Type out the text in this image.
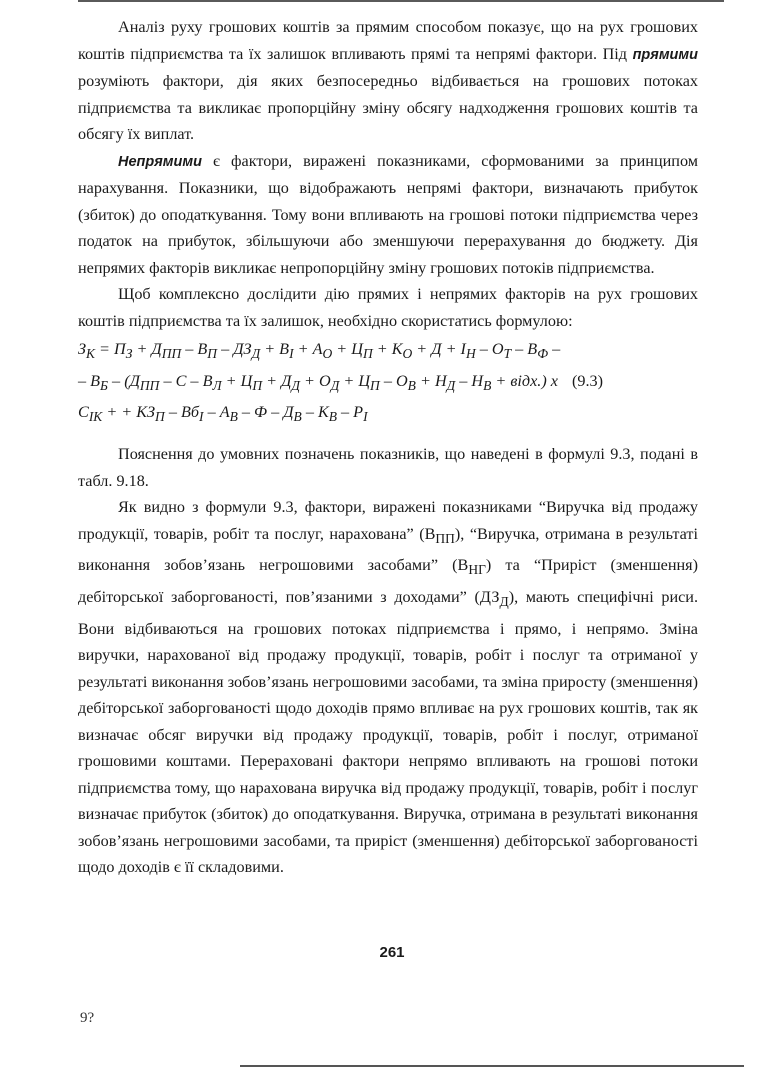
Аналіз руху грошових коштів за прямим способом показує, що на рух грошових коштів підприємства та їх залишок впливають прямі та непрямі фактори. Під прямими розуміють фактори, дія яких безпосередньо відбивається на грошових потоках підприємства та викликає пропорційну зміну обсягу надходження грошових коштів та обсягу їх виплат.

Непрямими є фактори, виражені показниками, сформованими за принципом нарахування. Показники, що відображають непрямі фактори, визначають прибуток (збиток) до оподаткування. Тому вони впливають на грошові потоки підприємства через податок на прибуток, збільшуючи або зменшуючи перерахування до бюджету. Дія непрямих факторів викликає непропорційну зміну грошових потоків підприємства.

Щоб комплексно дослідити дію прямих і непрямих факторів на рух грошових коштів підприємства та їх залишок, необхідно скористатись формулою:

$З_К = П_З + Д_{ПП} - В_П - ДЗ_Д + В_І + А_О + Ц_П + К_О + Д + І_Н - О_Т - В_Ф$ –
– $В_Б - (Д_{ПП} - С - В_Л + Ц_П + Д_Д + О_Д + Ц_П - О_В + Н_Д - Н_В$ + відх.) х (9.3)
$С_{ІК}$ + + $КЗ_П - Вб_І - А_В$ – Ф – $Д_В - К_В - Р_І$

Пояснення до умовних позначень показників, що наведені в формулі 9.3, подані в табл. 9.18.

Як видно з формули 9.3, фактори, виражені показниками “Виручка від продажу продукції, товарів, робіт та послуг, нарахована” $(В_{ПП})$, “Виручка, отримана в результаті виконання зобов’язань негрошовими засобами” $(В_{НГ})$ та “Приріст (зменшення) дебіторської заборгованості, пов’язаними з доходами” $(ДЗ_Д)$, мають специфічні риси. Вони відбиваються на грошових потоках підприємства і прямо, і непрямо. Зміна виручки, нарахованої від продажу продукції, товарів, робіт і послуг та отриманої у результаті виконання зобов’язань негрошовими засобами, та зміна приросту (зменшення) дебіторської заборгованості щодо доходів прямо впливає на рух грошових коштів, так як визначає обсяг виручки від продажу продукції, товарів, робіт і послуг, отриманої грошовими коштами. Перераховані фактори непрямо впливають на грошові потоки підприємства тому, що нарахована виручка від продажу продукції, товарів, робіт і послуг визначає прибуток (збиток) до оподаткування. Виручка, отримана в результаті виконання зобов’язань негрошовими засобами, та приріст (зменшення) дебіторської заборгованості щодо доходів є її складовими.

261
9?
